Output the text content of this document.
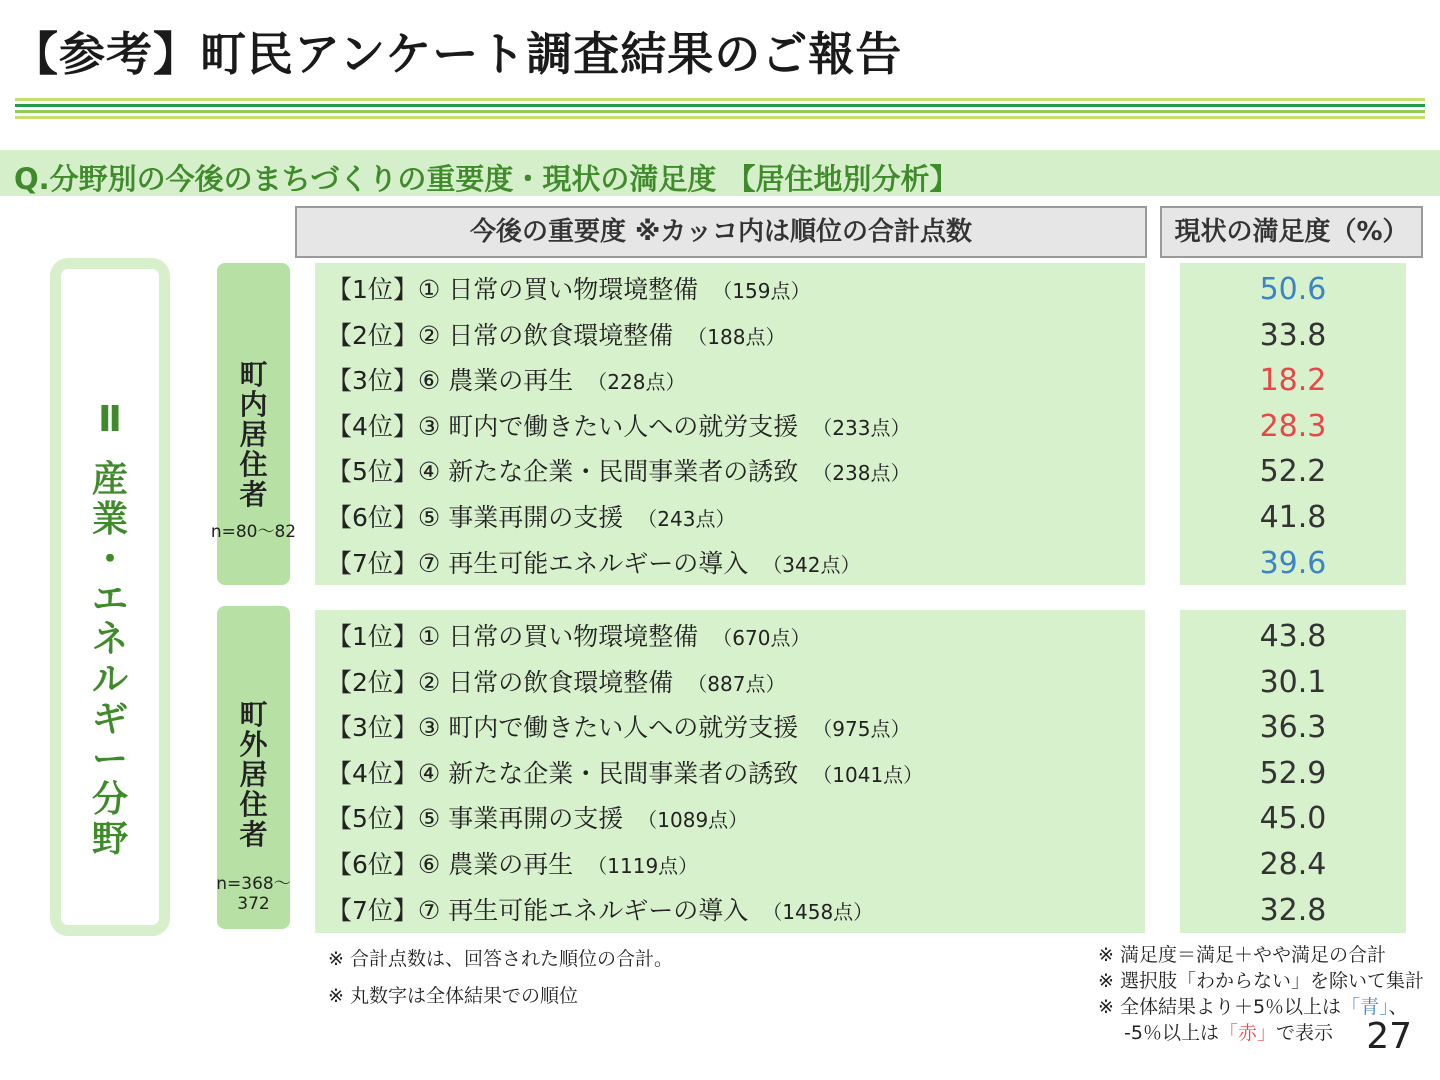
【参考】町民アンケート調査結果のご報告
Q.分野別の今後のまちづくりの重要度・現状の満足度 【居住地別分析】
今後の重要度 ※カッコ内は順位の合計点数	現状の満足度（%）
Ⅱ
産
業
・
エ
ネ
ル
ギ
ー
分
野
町
内
居
住
者
n=80～82
【1位】① 日常の買い物環境整備 （159点）
【2位】② 日常の飲食環境整備 （188点）
【3位】⑥ 農業の再生 （228点）
【4位】③ 町内で働きたい人への就労支援 （233点）
【5位】④ 新たな企業・民間事業者の誘致 （238点）
【6位】⑤ 事業再開の支援 （243点）
【7位】⑦ 再生可能エネルギーの導入 （342点）
50.6
33.8
18.2
28.3
52.2
41.8
39.6
町
外
居
住
者
n=368～372
【1位】① 日常の買い物環境整備 （670点）
【2位】② 日常の飲食環境整備 （887点）
【3位】③ 町内で働きたい人への就労支援 （975点）
【4位】④ 新たな企業・民間事業者の誘致 （1041点）
【5位】⑤ 事業再開の支援 （1089点）
【6位】⑥ 農業の再生 （1119点）
【7位】⑦ 再生可能エネルギーの導入 （1458点）
43.8
30.1
36.3
52.9
45.0
28.4
32.8
※ 合計点数は、回答された順位の合計。
※ 丸数字は全体結果での順位
※ 満足度＝満足＋やや満足の合計
※ 選択肢「わからない」を除いて集計
※ 全体結果より＋5％以上は「青」、
-5％以上は「赤」で表示 27
